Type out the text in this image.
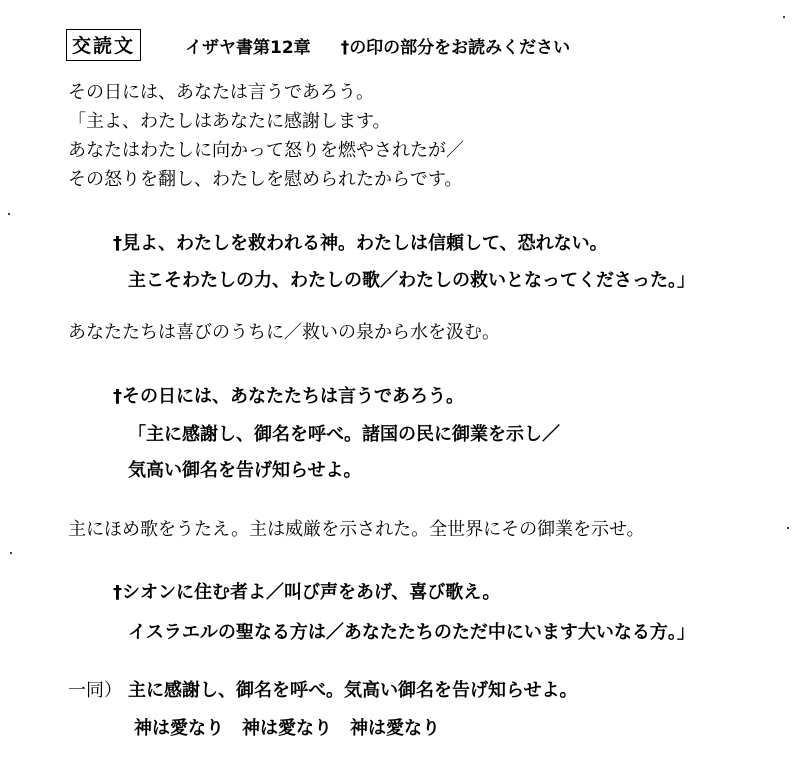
交読文	イザヤ書第12章 †の印の部分をお読みください
その日には、あなたは言うであろう。
「主よ、わたしはあなたに感謝します。
あなたはわたしに向かって怒りを燃やされたが／
その怒りを翻し、わたしを慰められたからです。
†見よ、わたしを救われる神。わたしは信頼して、恐れない。
主こそわたしの力、わたしの歌／わたしの救いとなってくださった。」
あなたたちは喜びのうちに／救いの泉から水を汲む。
†その日には、あなたたちは言うであろう。
「主に感謝し、御名を呼べ。諸国の民に御業を示し／
気高い御名を告げ知らせよ。
主にほめ歌をうたえ。主は威厳を示された。全世界にその御業を示せ。
†シオンに住む者よ／叫び声をあげ、喜び歌え。
イスラエルの聖なる方は／あなたたちのただ中にいます大いなる方。」
一同） 主に感謝し、御名を呼べ。気高い御名を告げ知らせよ。
神は愛なり　神は愛なり　神は愛なり
